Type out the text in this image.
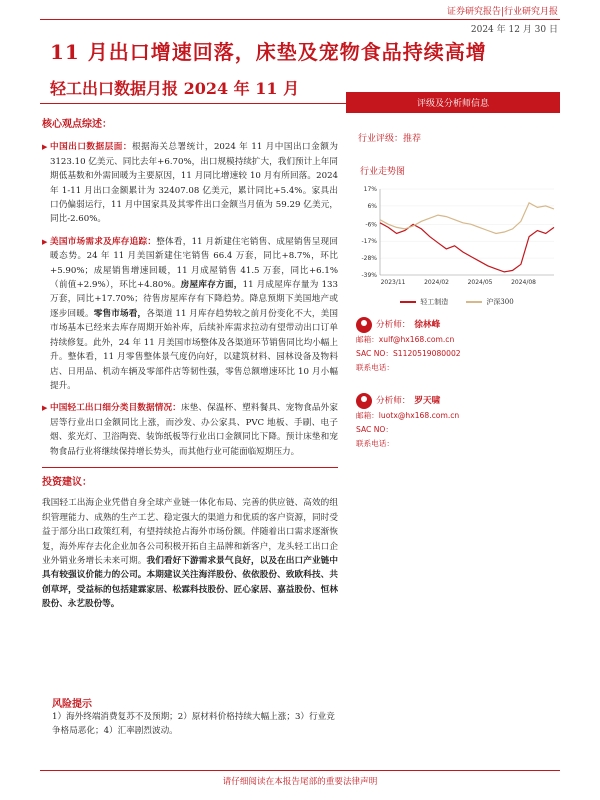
证券研究报告|行业研究月报
2024 年 12 月 30 日
11 月出口增速回落，床垫及宠物食品持续高增
轻工出口数据月报 2024 年 11 月
核心观点综述：
▶ 中国出口数据层面：根据海关总署统计，2024 年 11 月中国出口金额为 3123.10 亿美元、同比去年+6.70%，出口规模持续扩大，我们预计上年同期低基数和外需回暖为主要原因，11 月同比增速较 10 月有所回落。2024 年 1-11 月出口金额累计为 32407.08 亿美元，累计同比+5.4%。家具出口仍偏弱运行，11 月中国家具及其零件出口金额当月值为 59.29 亿美元，同比-2.60%。
▶ 美国市场需求及库存追踪：整体看，11 月新建住宅销售、成屋销售呈现回暖态势。24 年 11 月美国新建住宅销售 66.4 万套，同比+8.7%，环比+5.90%；成屋销售增速回暖，11 月成屋销售 41.5 万套，同比+6.1%（前值+2.9%），环比+4.80%。房屋库存方面，11 月成屋库存量为 133 万套，同比+17.70%；待售房屋库存有下降趋势。降息预期下美国地产或逐步回暖。零售市场看，各渠道 11 月库存趋势较之前月份变化不大，美国市场基本已经来去库存周期开始补库，后续补库需求拉动有望带动出口订单持续修复。此外，24 年 11 月美国市场整体及各渠道环节销售同比均小幅上升。整体看，11 月零售整体景气度仍向好，以建筑材料、园林设备及物料店、日用品、机动车辆及零部件店等韧性强，零售总额增速环比 10 月小幅提升。
▶ 中国轻工出口细分类目数据情况：床垫、保温杯、塑料餐具、宠物食品外家居等行业出口金额同比上涨，而沙发、办公家具、PVC 地板、手刷、电子烟、浆光灯、卫浴陶瓷、装饰纸板等行业出口金额同比下降。预计床垫和宠物食品行业将继续保持增长势头，而其他行业可能面临短期压力。
投资建议：
我国轻工出海企业凭借自身全球产业链一体化布局、完善的供应链、高效的组织管理能力、成熟的生产工艺、稳定强大的渠道力和优质的客户资源，同时受益于部分出口政策红利，有望持续抢占海外市场份额。伴随着出口需求逐渐恢复，海外库存去化企业加各公司积极开拓自主品牌和新客户，龙头轻工出口企业外销业务增长未来可期。我们看好下游需求景气良好，以及在出口产业链中具有较强议价能力的公司。本期建议关注海洋股份、依依股份、致欧科技、共创草坪，受益标的包括建霖家居、松霖科技股份、匠心家居、嘉益股份、恒林股份、永艺股份等。
风险提示
1）海外终端消费复苏不及预期；2）原材料价格持续大幅上涨；3）行业竞争格局恶化；4）汇率剧烈波动。
评级及分析师信息
行业评级：推荐
行业走势图
17%
6%
-6%
-17%
-28%
-39%
2023/11	2024/02	2024/05	2024/08
轻工制造	沪深300
分析师： 徐林峰
邮箱：xulf@hx168.com.cn
SAC NO：S1120519080002
联系电话：
分析师： 罗天啸
邮箱：luotx@hx168.com.cn
SAC NO：
联系电话：
请仔细阅读在本报告尾部的重要法律声明
